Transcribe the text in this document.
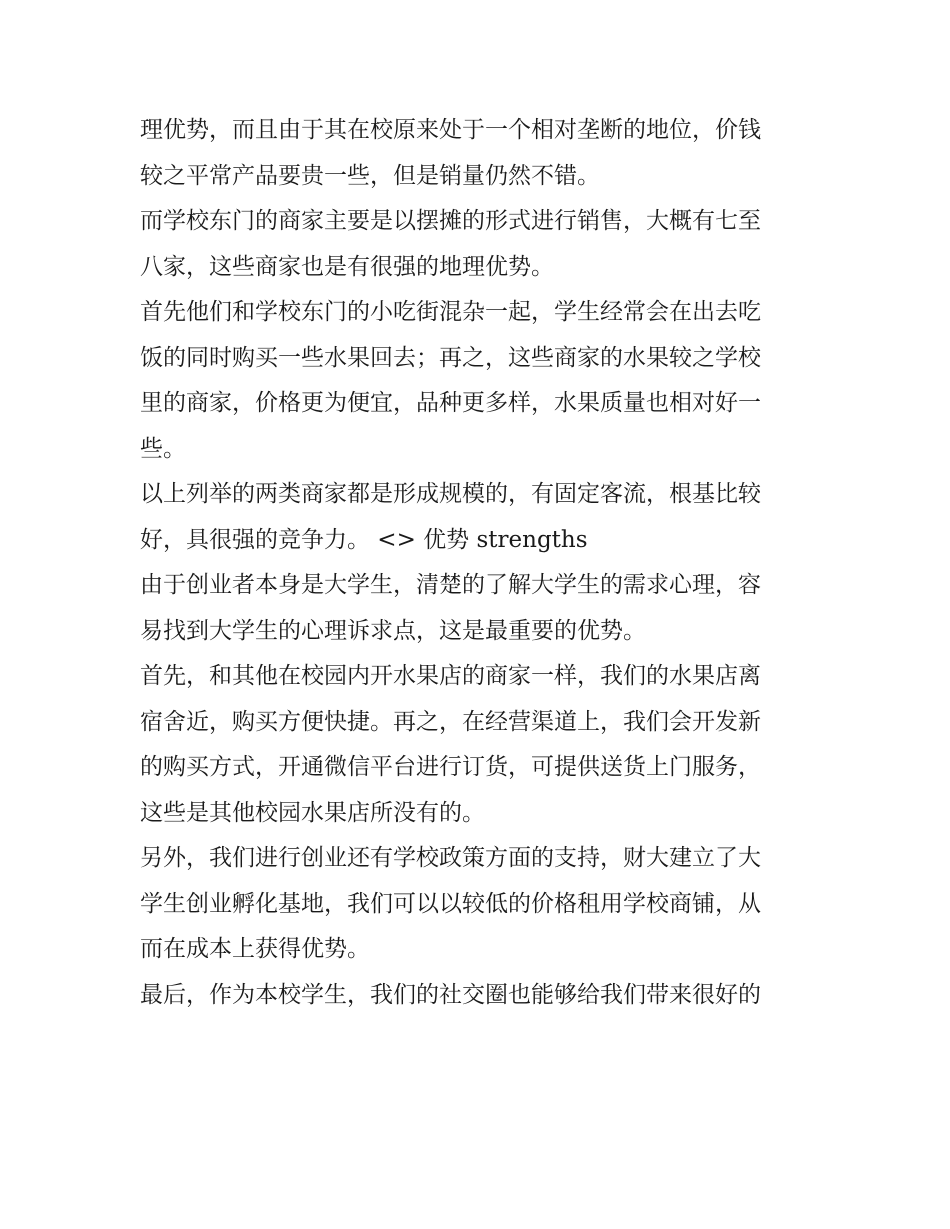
理优势，而且由于其在校原来处于一个相对垄断的地位，价钱
较之平常产品要贵一些，但是销量仍然不错。
而学校东门的商家主要是以摆摊的形式进行销售，大概有七至
八家，这些商家也是有很强的地理优势。
首先他们和学校东门的小吃街混杂一起，学生经常会在出去吃
饭的同时购买一些水果回去；再之，这些商家的水果较之学校
里的商家，价格更为便宜，品种更多样，水果质量也相对好一
些。
以上列举的两类商家都是形成规模的，有固定客流，根基比较
好，具很强的竞争力。 <> 优势 strengths
由于创业者本身是大学生，清楚的了解大学生的需求心理，容
易找到大学生的心理诉求点，这是最重要的优势。
首先，和其他在校园内开水果店的商家一样，我们的水果店离
宿舍近，购买方便快捷。再之，在经营渠道上，我们会开发新
的购买方式，开通微信平台进行订货，可提供送货上门服务，
这些是其他校园水果店所没有的。
另外，我们进行创业还有学校政策方面的支持，财大建立了大
学生创业孵化基地，我们可以以较低的价格租用学校商铺，从
而在成本上获得优势。
最后，作为本校学生，我们的社交圈也能够给我们带来很好的
